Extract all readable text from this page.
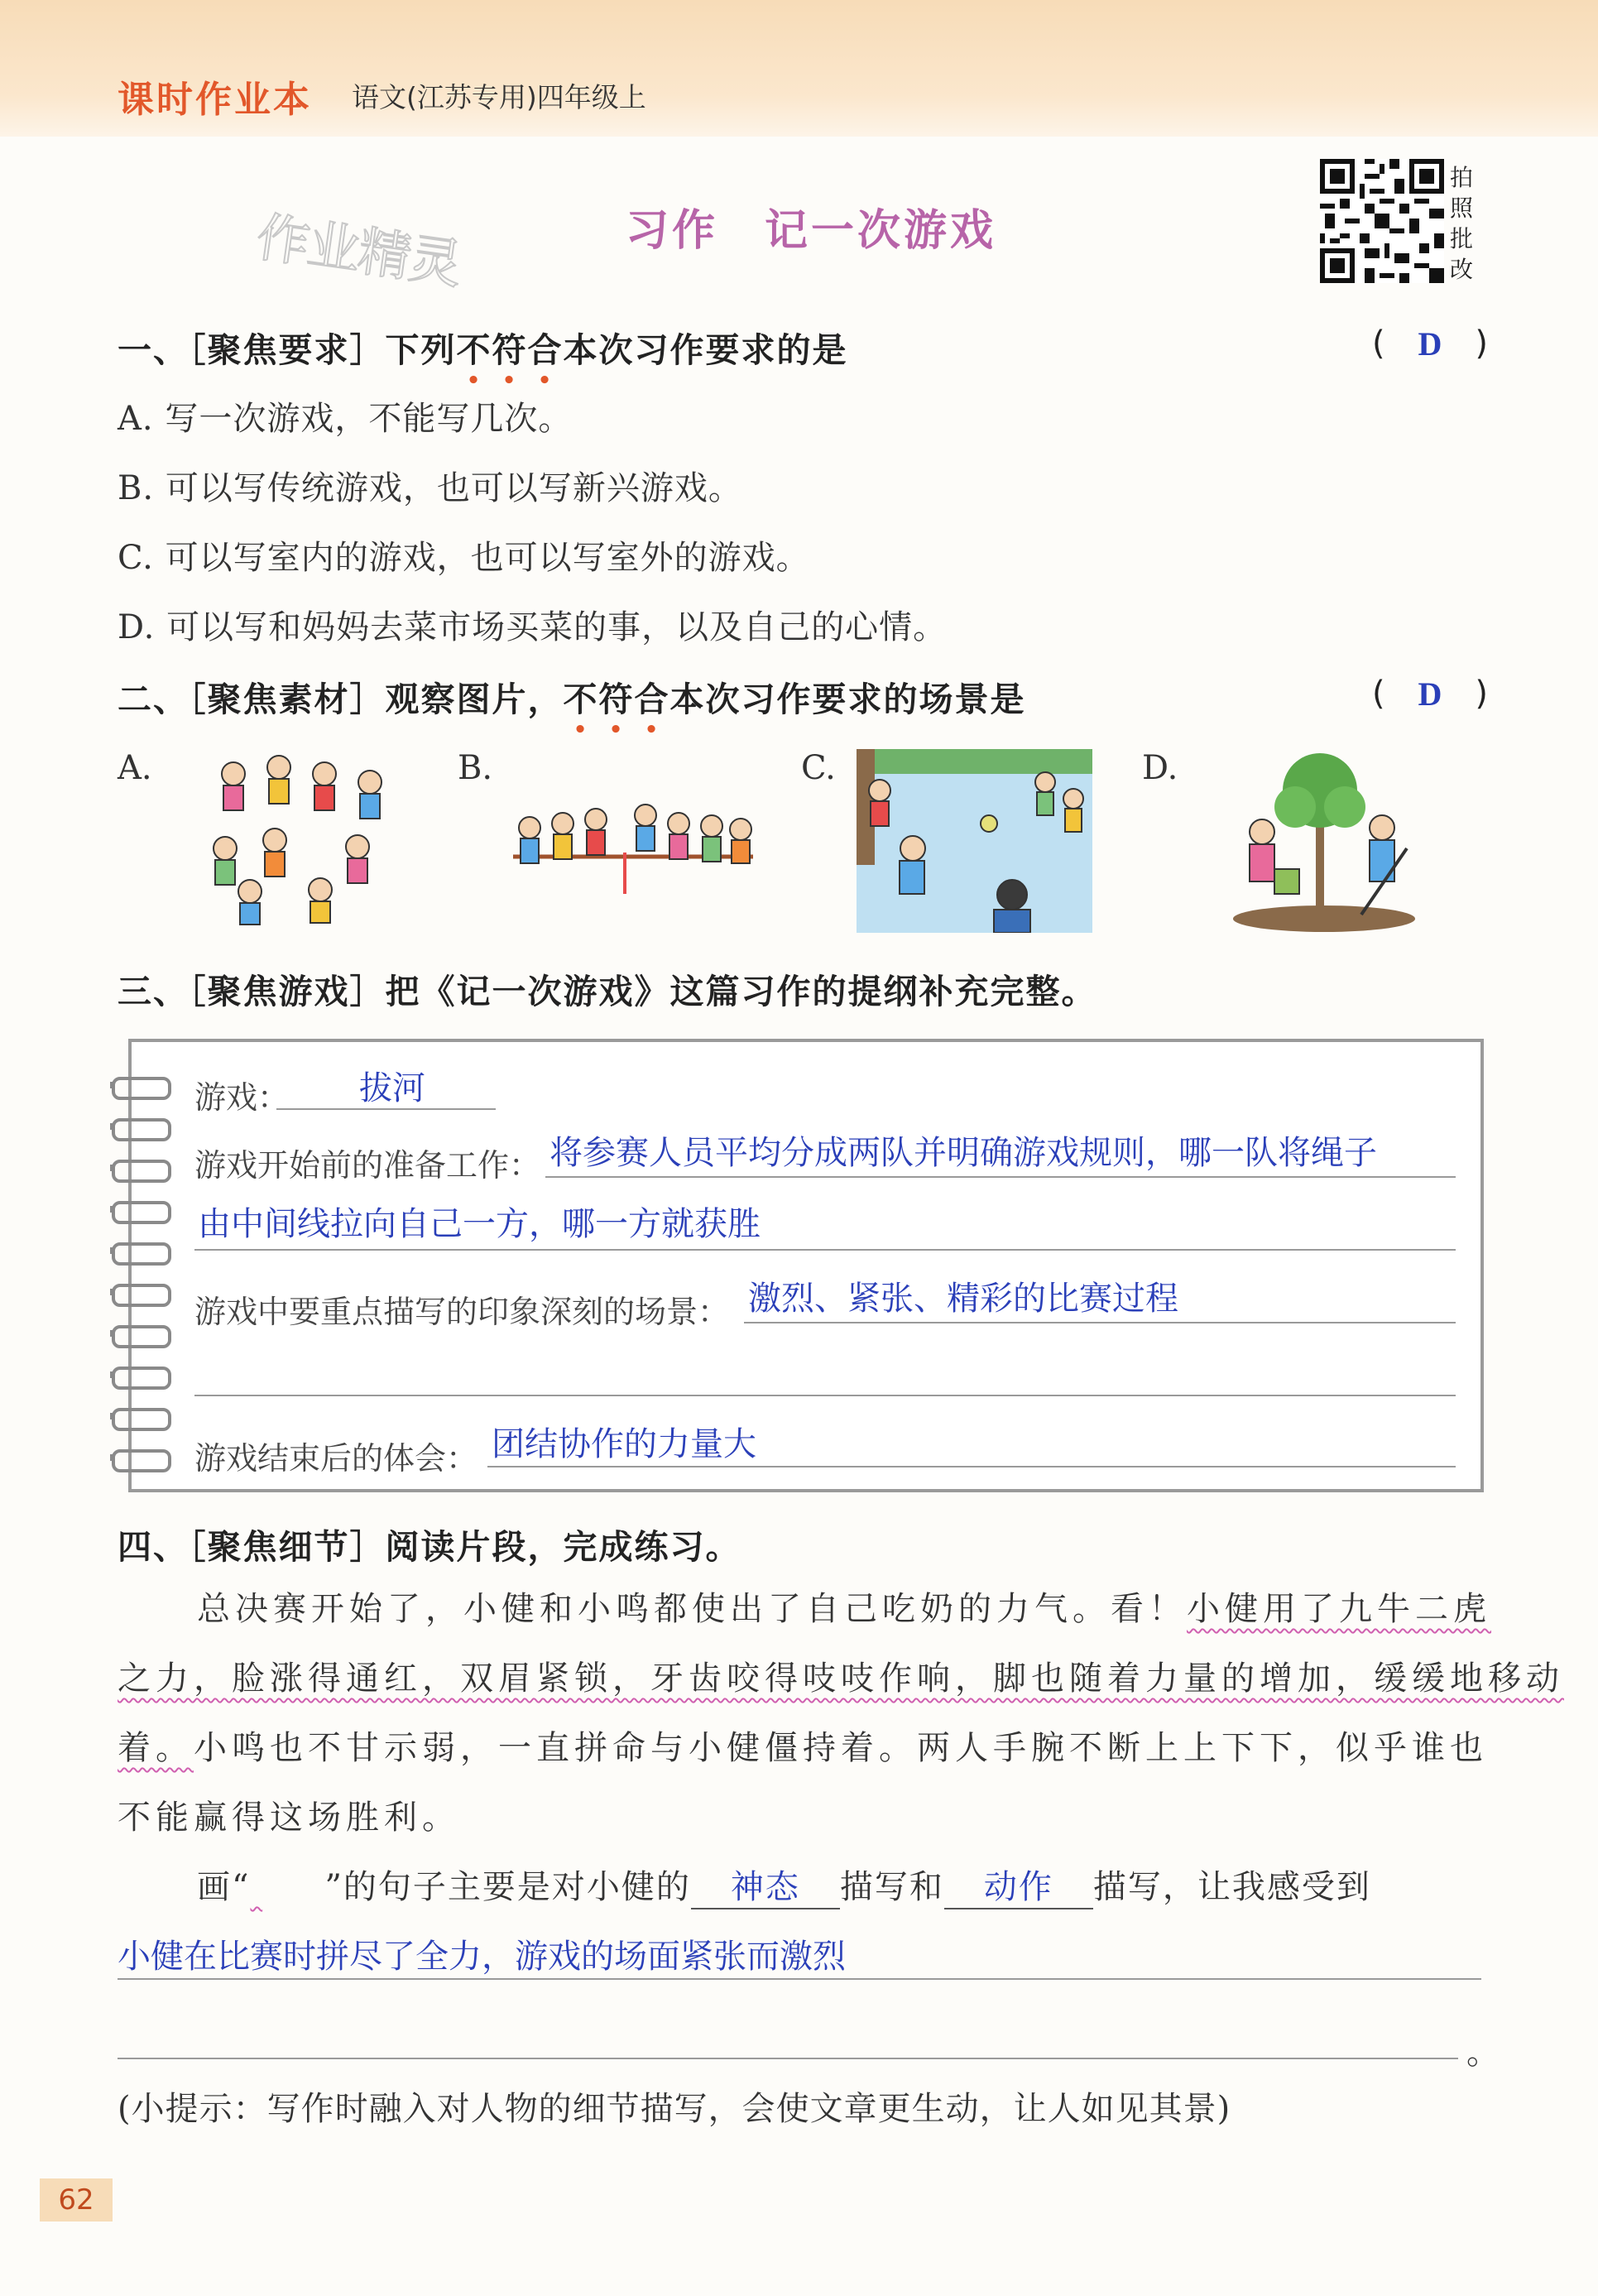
课时作业本 语文(江苏专用)四年级上
作业精灵	习作　记一次游戏
拍
照
批
改
一、［聚焦要求］下列不符合本次习作要求的是	( D )
A. 写一次游戏，不能写几次。
B. 可以写传统游戏，也可以写新兴游戏。
C. 可以写室内的游戏，也可以写室外的游戏。
D. 可以写和妈妈去菜市场买菜的事，以及自己的心情。
二、［聚焦素材］观察图片，不符合本次习作要求的场景是	( D )
A.	B.	C.	D.
三、［聚焦游戏］把《记一次游戏》这篇习作的提纲补充完整。
游戏： 拔河
游戏开始前的准备工作： 将参赛人员平均分成两队并明确游戏规则，哪一队将绳子
由中间线拉向自己一方，哪一方就获胜
游戏中要重点描写的印象深刻的场景： 激烈、紧张、精彩的比赛过程
游戏结束后的体会： 团结协作的力量大
四、［聚焦细节］阅读片段，完成练习。
总决赛开始了，小健和小鸣都使出了自己吃奶的力气。看！小健用了九牛二虎
之力，脸涨得通红，双眉紧锁，牙齿咬得吱吱作响，脚也随着力量的增加，缓缓地移动
着。小鸣也不甘示弱，一直拼命与小健僵持着。两人手腕不断上上下下，似乎谁也
不能赢得这场胜利。
画“ ”的句子主要是对小健的 神态 描写和 动作 描写，让我感受到
小健在比赛时拼尽了全力，游戏的场面紧张而激烈
。
(小提示：写作时融入对人物的细节描写，会使文章更生动，让人如见其景)
62
